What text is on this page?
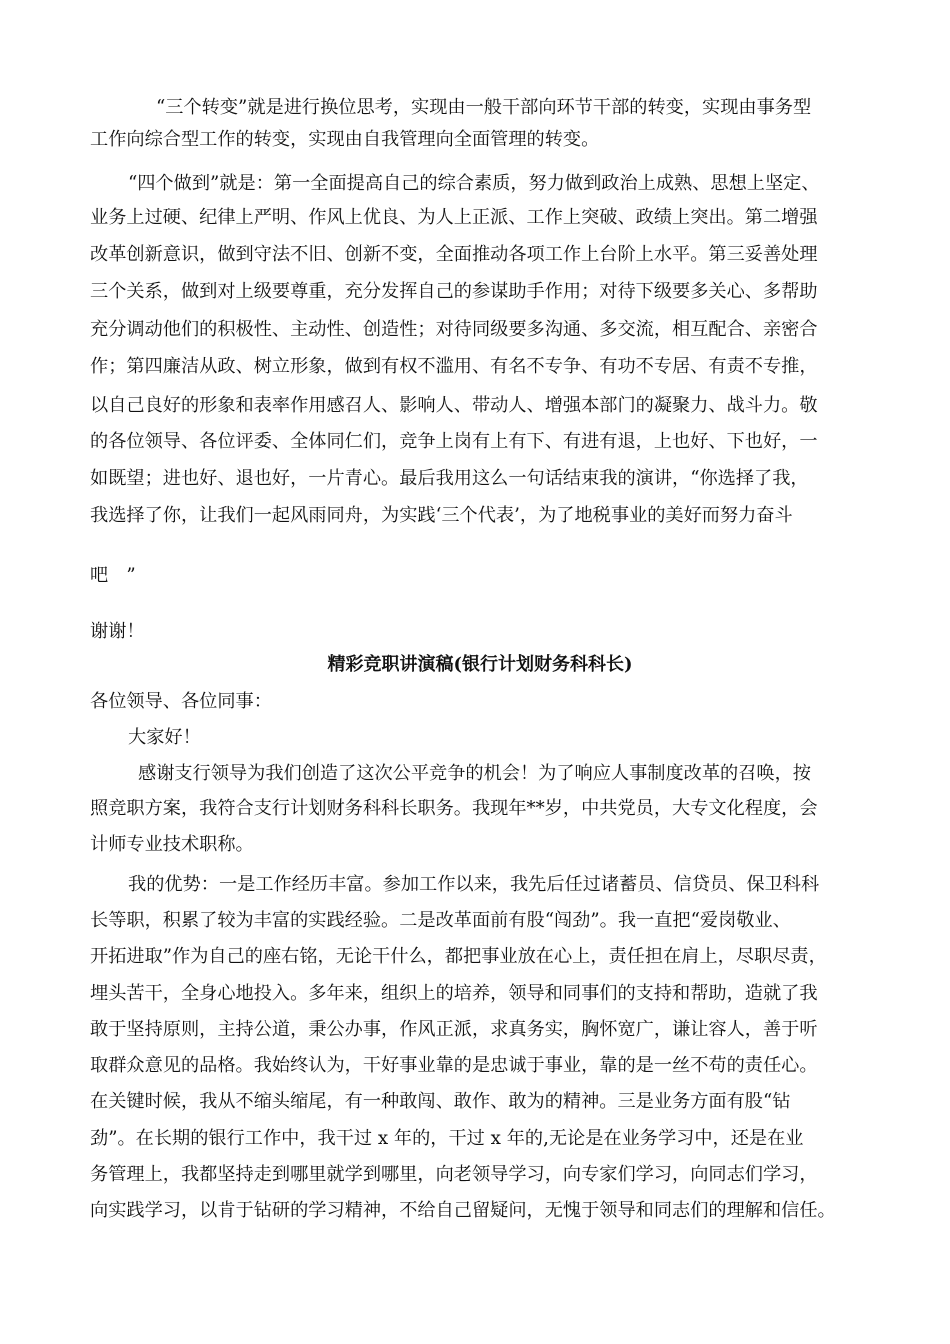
“三个转变”就是进行换位思考，实现由一般干部向环节干部的转变，实现由事务型
工作向综合型工作的转变，实现由自我管理向全面管理的转变。
“四个做到”就是：第一全面提高自己的综合素质，努力做到政治上成熟、思想上坚定、
业务上过硬、纪律上严明、作风上优良、为人上正派、工作上突破、政绩上突出。第二增强
改革创新意识，做到守法不旧、创新不变，全面推动各项工作上台阶上水平。第三妥善处理
三个关系，做到对上级要尊重，充分发挥自己的参谋助手作用；对待下级要多关心、多帮助
充分调动他们的积极性、主动性、创造性；对待同级要多沟通、多交流，相互配合、亲密合
作；第四廉洁从政、树立形象，做到有权不滥用、有名不专争、有功不专居、有责不专推，
以自己良好的形象和表率作用感召人、影响人、带动人、增强本部门的凝聚力、战斗力。敬
的各位领导、各位评委、全体同仁们，竞争上岗有上有下、有进有退，上也好、下也好，一
如既望；进也好、退也好，一片青心。最后我用这么一句话结束我的演讲，“你选择了我，
我选择了你，让我们一起风雨同舟，为实践‘三个代表’，为了地税事业的美好而努力奋斗
吧　”
谢谢！
精彩竞职讲演稿(银行计划财务科科长)
各位领导、各位同事：
大家好！
感谢支行领导为我们创造了这次公平竞争的机会！为了响应人事制度改革的召唤，按
照竞职方案，我符合支行计划财务科科长职务。我现年**岁，中共党员，大专文化程度，会
计师专业技术职称。
我的优势：一是工作经历丰富。参加工作以来，我先后任过诸蓄员、信贷员、保卫科科
长等职，积累了较为丰富的实践经验。二是改革面前有股“闯劲”。我一直把“爱岗敬业、
开拓进取”作为自己的座右铭，无论干什么，都把事业放在心上，责任担在肩上，尽职尽责，
埋头苦干，全身心地投入。多年来，组织上的培养，领导和同事们的支持和帮助，造就了我
敢于坚持原则，主持公道，秉公办事，作风正派，求真务实，胸怀宽广，谦让容人，善于听
取群众意见的品格。我始终认为，干好事业靠的是忠诚于事业，靠的是一丝不苟的责任心。
在关键时候，我从不缩头缩尾，有一种敢闯、敢作、敢为的精神。三是业务方面有股“钻
劲”。在长期的银行工作中，我干过 x 年的，干过 x 年的,无论是在业务学习中，还是在业
务管理上，我都坚持走到哪里就学到哪里，向老领导学习，向专家们学习，向同志们学习，
向实践学习，以肯于钻研的学习精神，不给自己留疑问，无愧于领导和同志们的理解和信任。
